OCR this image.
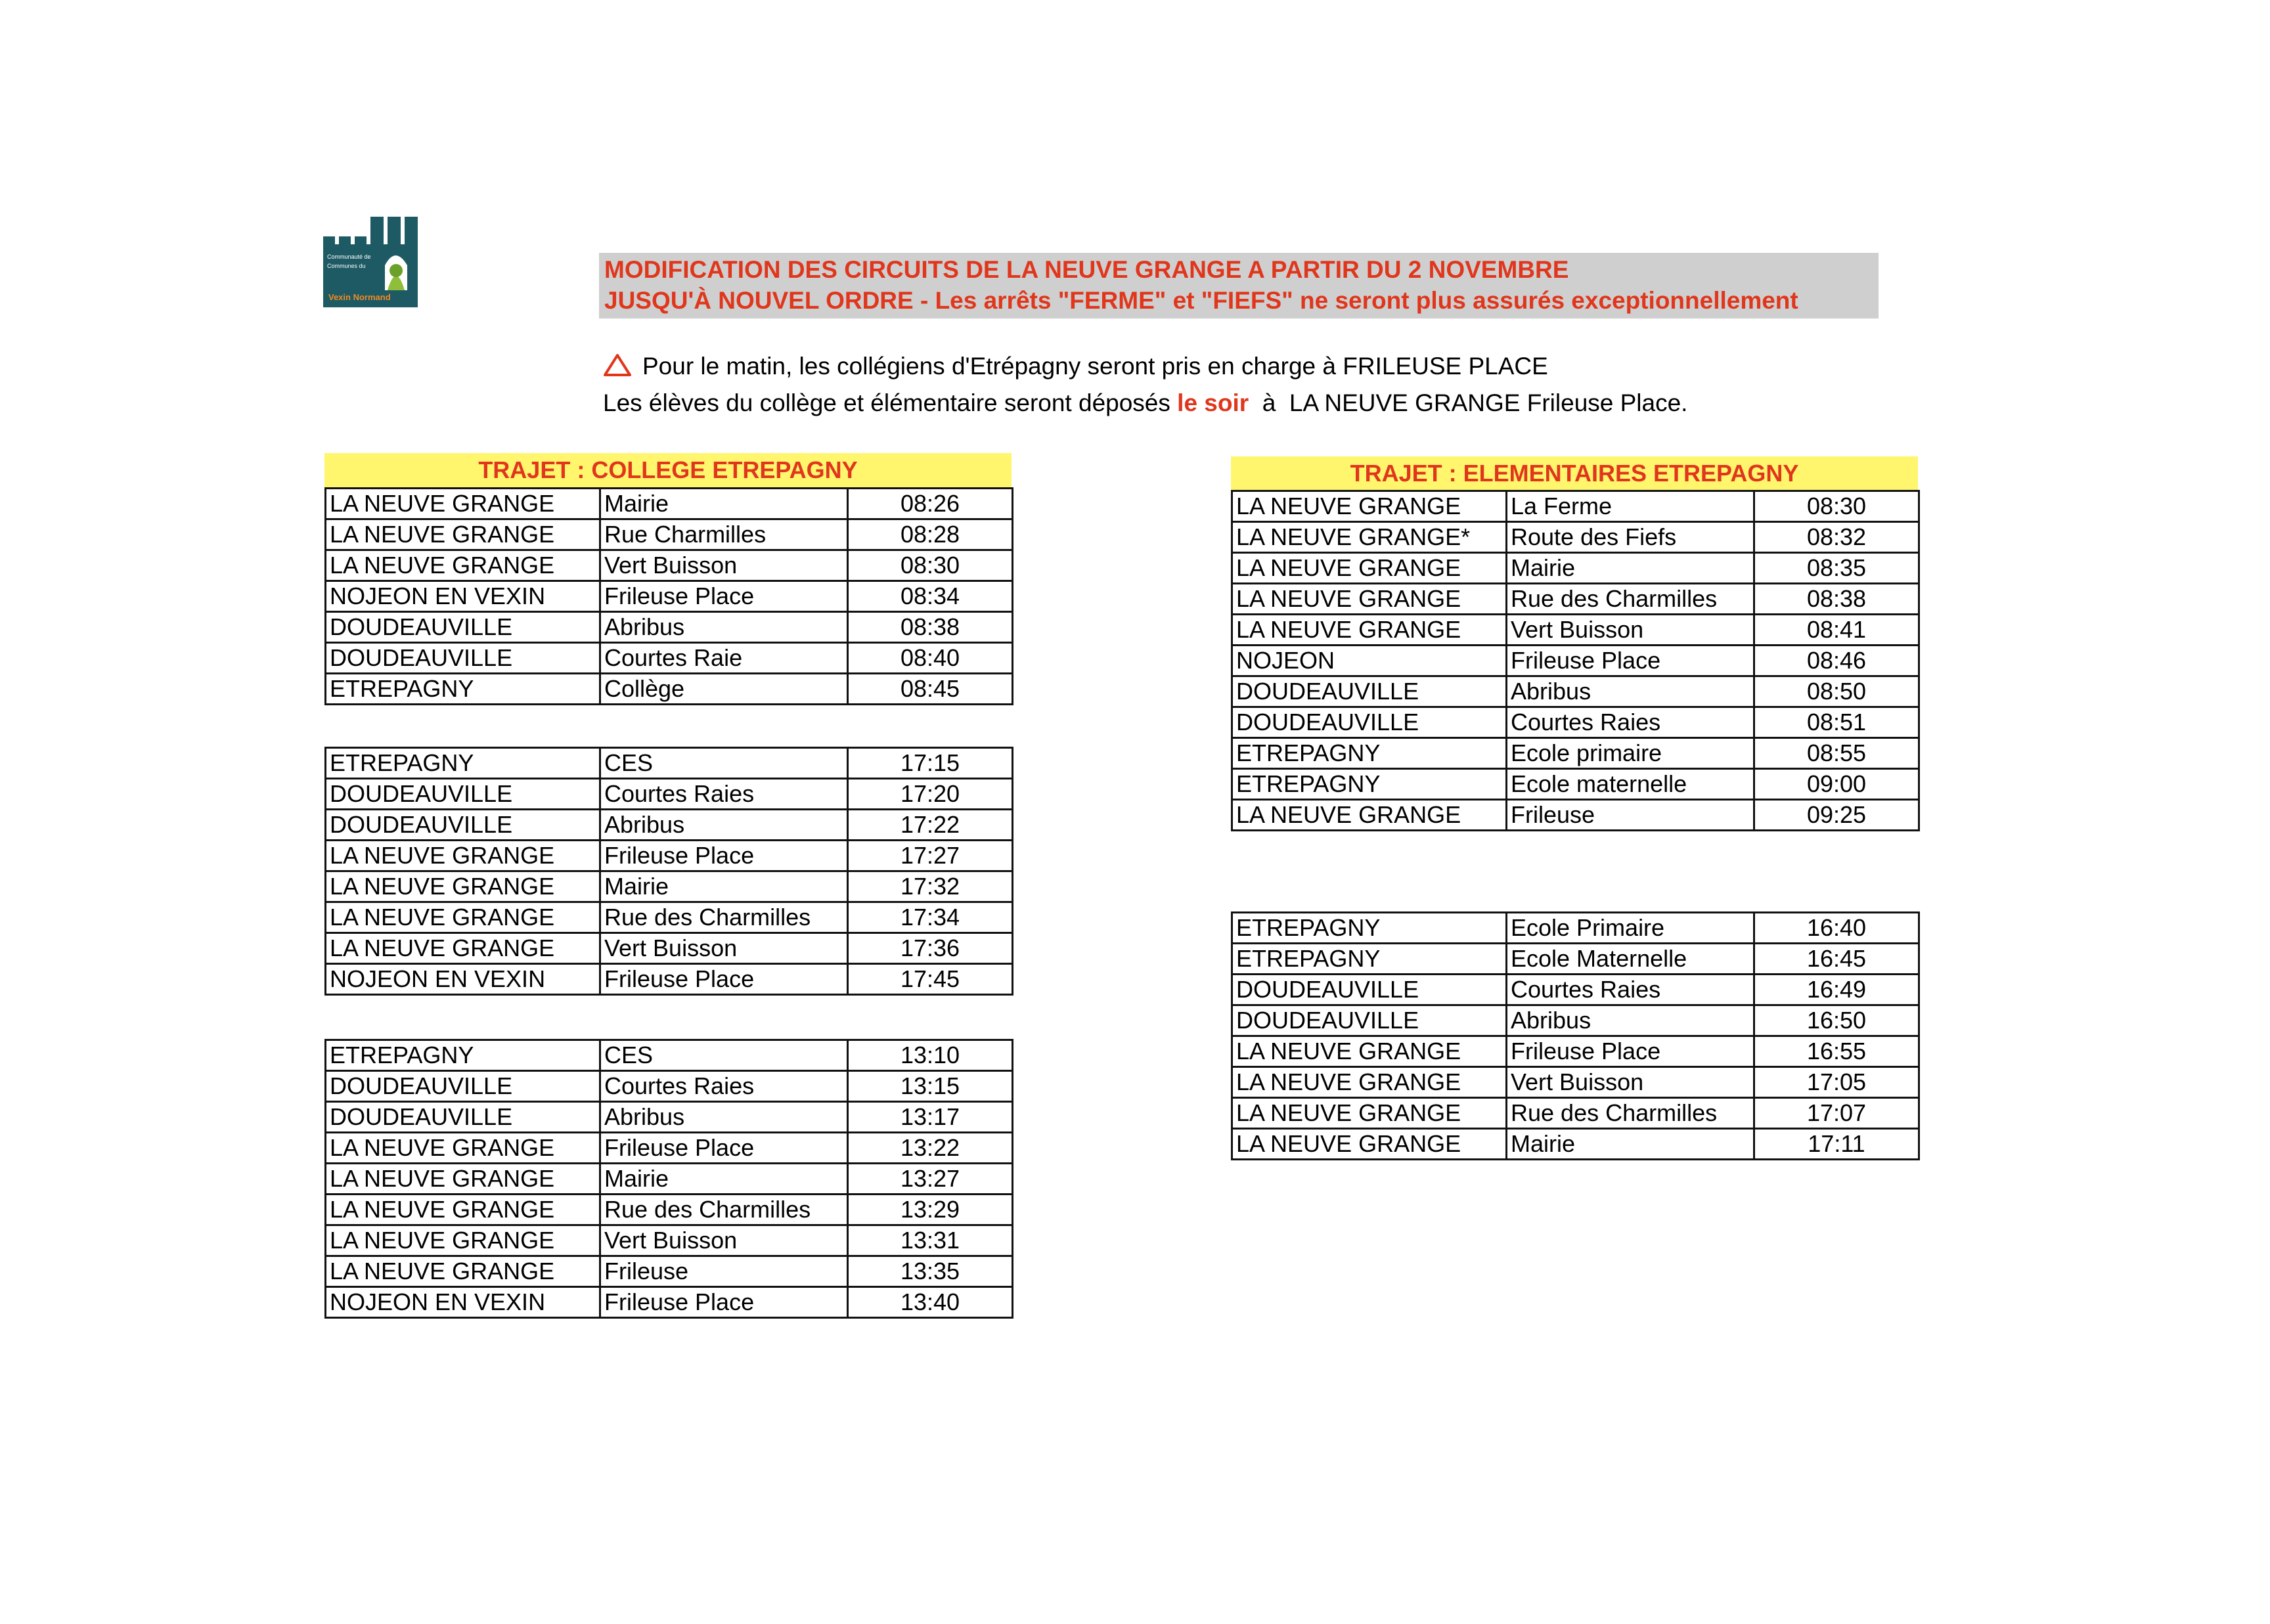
Communauté de
Communes du
Vexin Normand
MODIFICATION DES CIRCUITS DE LA NEUVE GRANGE A PARTIR DU 2 NOVEMBRE
JUSQU'À NOUVEL ORDRE - Les arrêts "FERME" et "FIEFS" ne seront plus assurés exceptionnellement
Pour le matin, les collégiens d'Etrépagny seront pris en charge à FRILEUSE PLACE
Les élèves du collège et élémentaire seront déposés le soir  à  LA NEUVE GRANGE Frileuse Place.
TRAJET : COLLEGE ETREPAGNY	TRAJET : ELEMENTAIRES ETREPAGNY
LA NEUVE GRANGE	Mairie	08:26
LA NEUVE GRANGE	Rue Charmilles	08:28
LA NEUVE GRANGE	Vert Buisson	08:30
NOJEON EN VEXIN	Frileuse Place	08:34
DOUDEAUVILLE	Abribus	08:38
DOUDEAUVILLE	Courtes Raie	08:40
ETREPAGNY	Collège	08:45
ETREPAGNY	CES	17:15
DOUDEAUVILLE	Courtes Raies	17:20
DOUDEAUVILLE	Abribus	17:22
LA NEUVE GRANGE	Frileuse Place	17:27
LA NEUVE GRANGE	Mairie	17:32
LA NEUVE GRANGE	Rue des Charmilles	17:34
LA NEUVE GRANGE	Vert Buisson	17:36
NOJEON EN VEXIN	Frileuse Place	17:45
ETREPAGNY	CES	13:10
DOUDEAUVILLE	Courtes Raies	13:15
DOUDEAUVILLE	Abribus	13:17
LA NEUVE GRANGE	Frileuse Place	13:22
LA NEUVE GRANGE	Mairie	13:27
LA NEUVE GRANGE	Rue des Charmilles	13:29
LA NEUVE GRANGE	Vert Buisson	13:31
LA NEUVE GRANGE	Frileuse	13:35
NOJEON EN VEXIN	Frileuse Place	13:40
LA NEUVE GRANGE	La Ferme	08:30
LA NEUVE GRANGE*	Route des Fiefs	08:32
LA NEUVE GRANGE	Mairie	08:35
LA NEUVE GRANGE	Rue des Charmilles	08:38
LA NEUVE GRANGE	Vert Buisson	08:41
NOJEON	Frileuse Place	08:46
DOUDEAUVILLE	Abribus	08:50
DOUDEAUVILLE	Courtes Raies	08:51
ETREPAGNY	Ecole primaire	08:55
ETREPAGNY	Ecole maternelle	09:00
LA NEUVE GRANGE	Frileuse	09:25
ETREPAGNY	Ecole Primaire	16:40
ETREPAGNY	Ecole Maternelle	16:45
DOUDEAUVILLE	Courtes Raies	16:49
DOUDEAUVILLE	Abribus	16:50
LA NEUVE GRANGE	Frileuse Place	16:55
LA NEUVE GRANGE	Vert Buisson	17:05
LA NEUVE GRANGE	Rue des Charmilles	17:07
LA NEUVE GRANGE	Mairie	17:11
